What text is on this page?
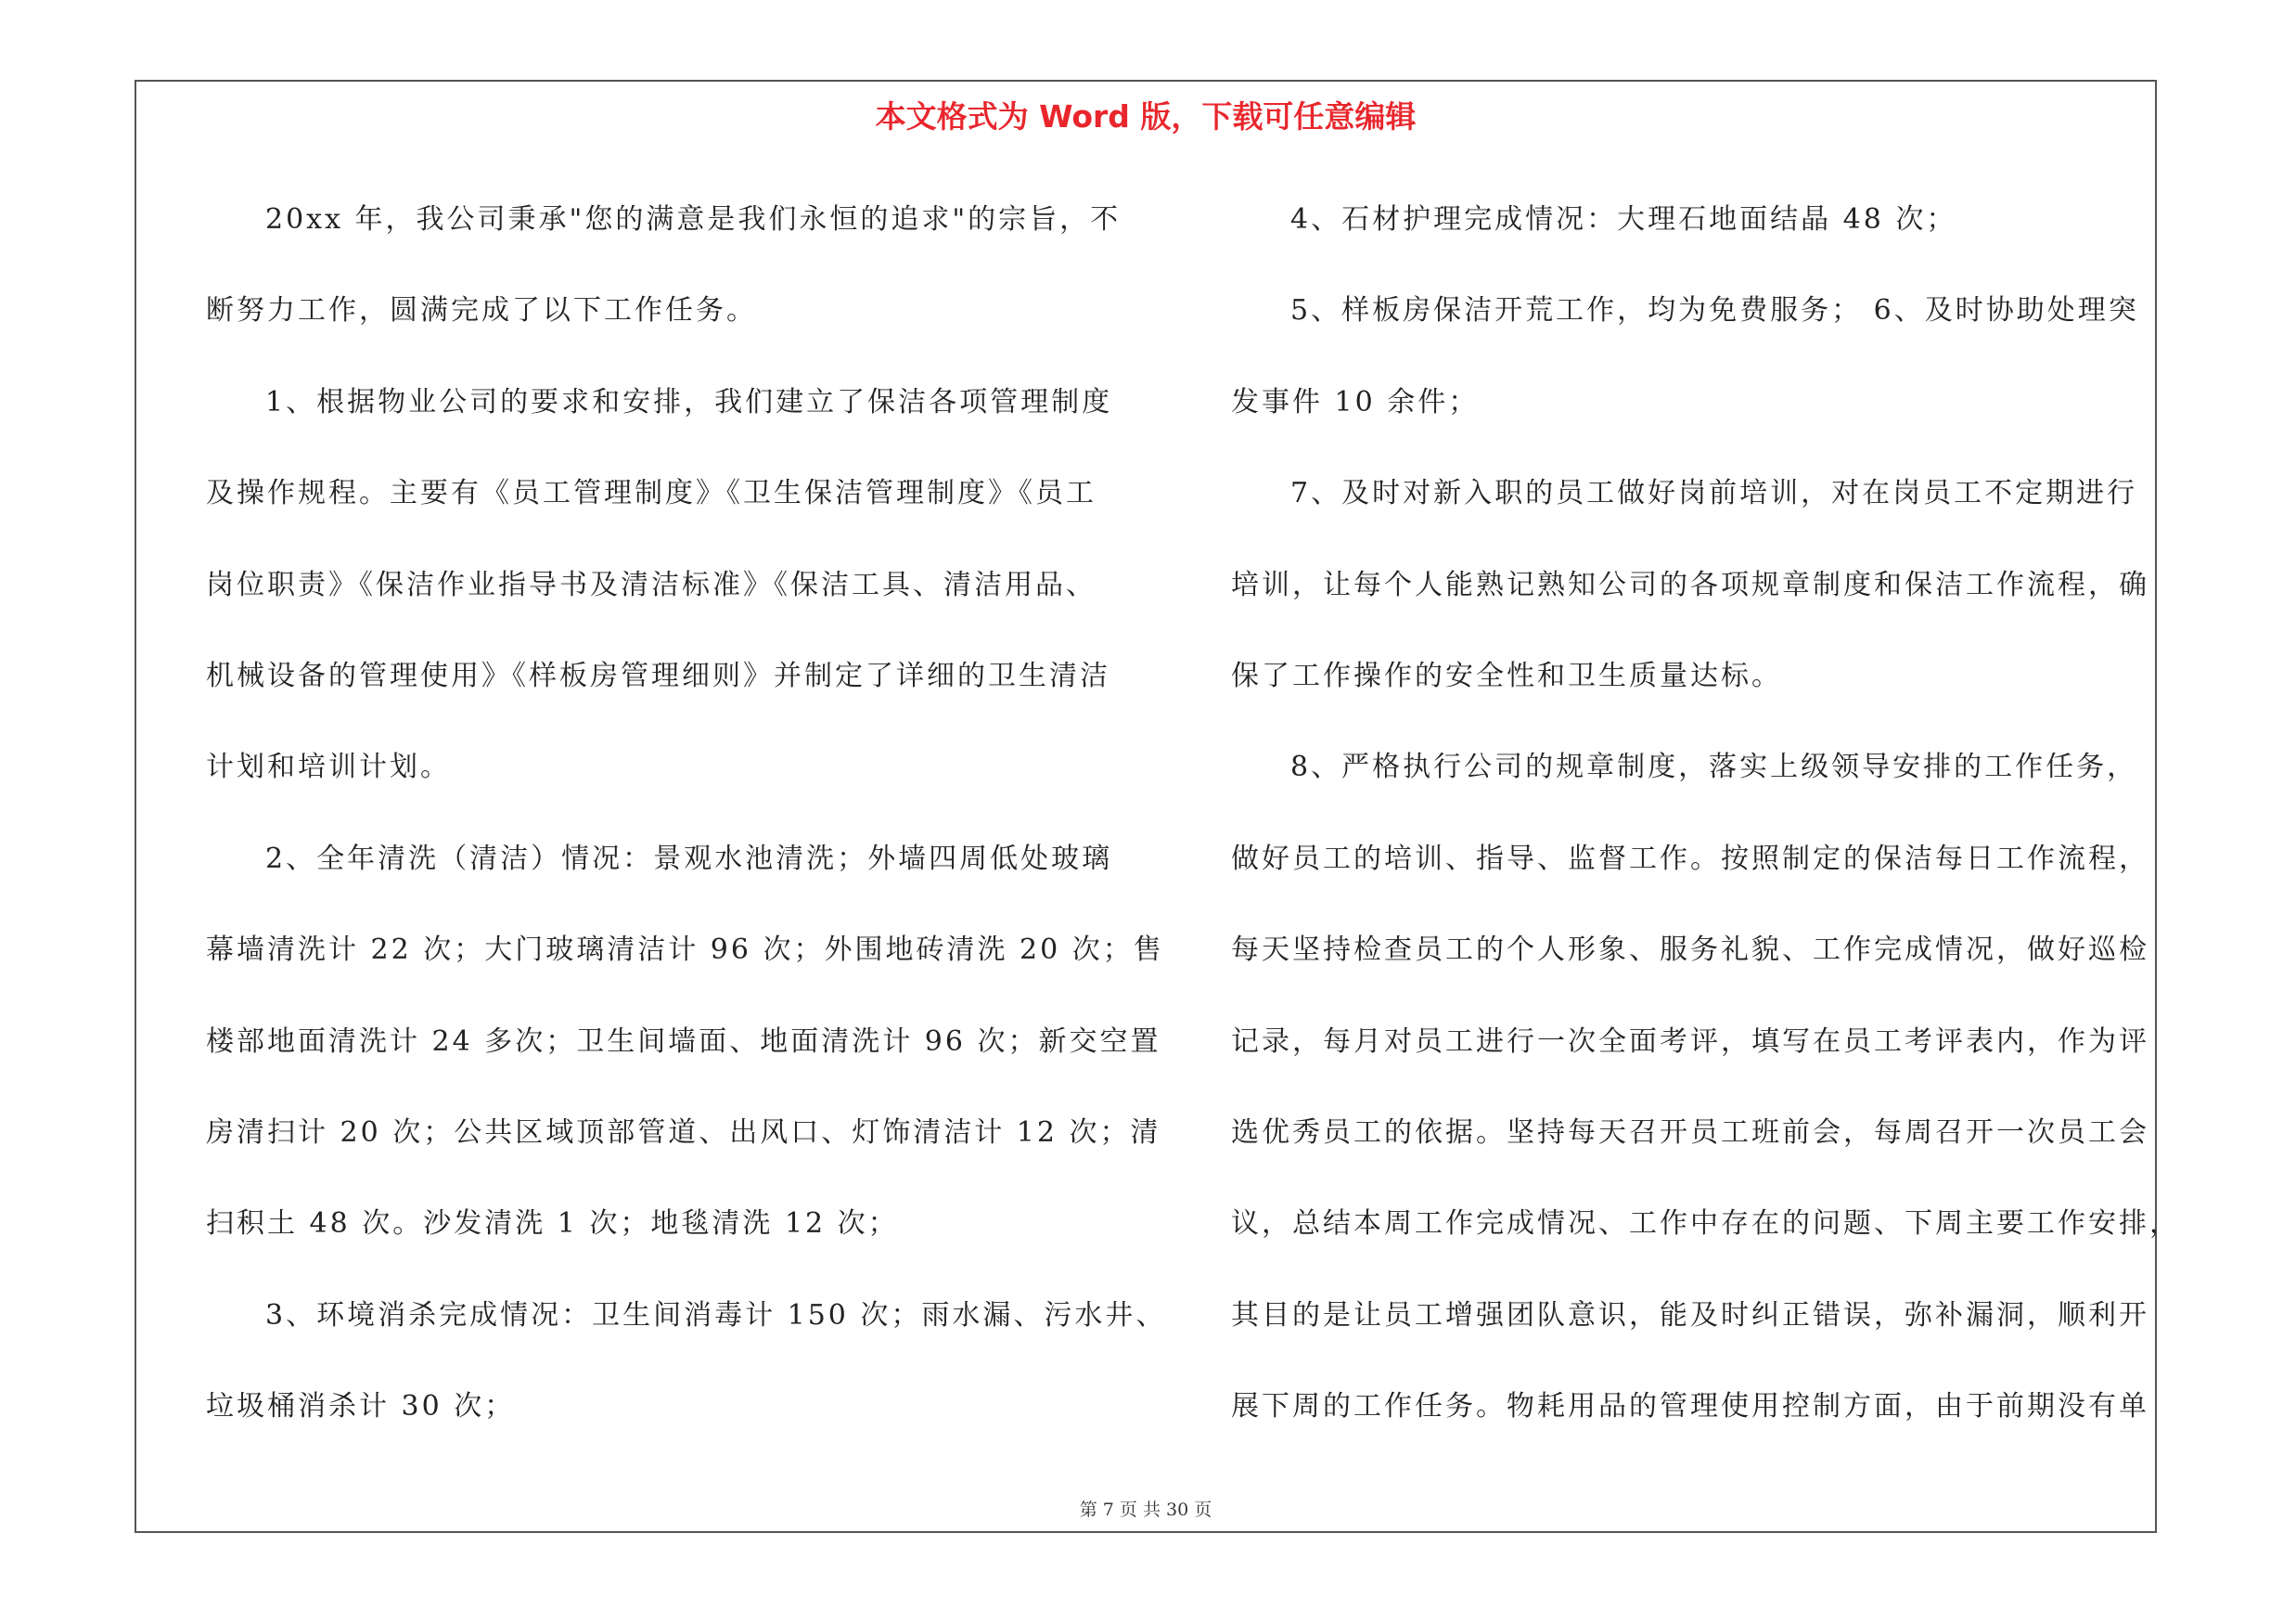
本文格式为 Word 版，下载可任意编辑
20xx 年，我公司秉承"您的满意是我们永恒的追求"的宗旨，不
断努力工作，圆满完成了以下工作任务。
1、根据物业公司的要求和安排，我们建立了保洁各项管理制度
及操作规程。主要有《员工管理制度》《卫生保洁管理制度》《员工
岗位职责》《保洁作业指导书及清洁标准》《保洁工具、清洁用品、
机械设备的管理使用》《样板房管理细则》并制定了详细的卫生清洁
计划和培训计划。
2、全年清洗（清洁）情况：景观水池清洗；外墙四周低处玻璃
幕墙清洗计 22 次；大门玻璃清洁计 96 次；外围地砖清洗 20 次；售
楼部地面清洗计 24 多次；卫生间墙面、地面清洗计 96 次；新交空置
房清扫计 20 次；公共区域顶部管道、出风口、灯饰清洁计 12 次；清
扫积土 48 次。沙发清洗 1 次；地毯清洗 12 次；
3、环境消杀完成情况：卫生间消毒计 150 次；雨水漏、污水井、
垃圾桶消杀计 30 次；
4、石材护理完成情况：大理石地面结晶 48 次；
5、样板房保洁开荒工作，均为免费服务； 6、及时协助处理突
发事件 10 余件；
7、及时对新入职的员工做好岗前培训，对在岗员工不定期进行
培训，让每个人能熟记熟知公司的各项规章制度和保洁工作流程，确
保了工作操作的安全性和卫生质量达标。
8、严格执行公司的规章制度，落实上级领导安排的工作任务，
做好员工的培训、指导、监督工作。按照制定的保洁每日工作流程，
每天坚持检查员工的个人形象、服务礼貌、工作完成情况，做好巡检
记录，每月对员工进行一次全面考评，填写在员工考评表内，作为评
选优秀员工的依据。坚持每天召开员工班前会，每周召开一次员工会
议，总结本周工作完成情况、工作中存在的问题、下周主要工作安排，
其目的是让员工增强团队意识，能及时纠正错误，弥补漏洞，顺利开
展下周的工作任务。物耗用品的管理使用控制方面，由于前期没有单
第 7 页 共 30 页
